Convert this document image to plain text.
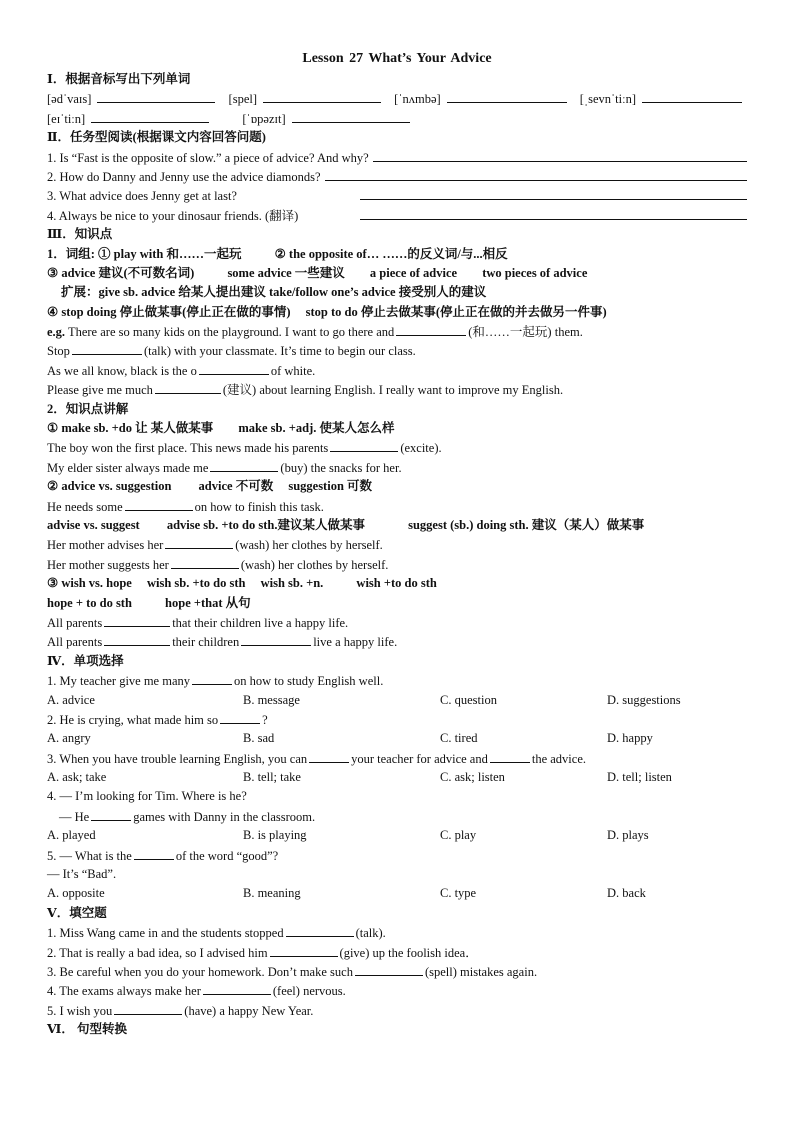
Lesson 27 What’s Your Advice
Ⅰ．根据音标写出下列单词
[ədˈvaɪs]	[spel]	[ˈnʌmbə]	[ˌsevnˈtiːn]
[eɪˈtiːn]	[ˈɒpəzɪt]
Ⅱ．任务型阅读(根据课文内容回答问题)
1. Is “Fast is the opposite of slow.” a piece of advice? And why?
2. How do Danny and Jenny use the advice diamonds?
3. What advice does Jenny get at last?
4. Always be nice to your dinosaur friends. (翻译)
Ⅲ．知识点
1．词组: ① play with 和……一起玩	② the opposite of… ……的反义词/与...相反
③ advice 建议(不可数名词)	some advice 一些建议 a piece of advice two pieces of advice
扩展：give sb. advice 给某人提出建议 take/follow one’s advice 接受别人的建议
④ stop doing 停止做某事(停止正在做的事情) stop to do 停止去做某事(停止正在做的并去做另一件事)
e.g. There are so many kids on the playground. I want to go there and	(和……一起玩) them.
Stop	(talk) with your classmate. It’s time to begin our class.
As we all know, black is the o	of white.
Please give me much	(建议) about learning English. I really want to improve my English.
2．知识点讲解
① make sb. +do 让 某人做某事 make sb. +adj. 使某人怎么样
The boy won the first place. This news made his parents	(excite).
My elder sister always made me	(buy) the snacks for her.
② advice vs. suggestion advice 不可数 suggestion 可数
He needs some	on how to finish this task.
advise vs. suggest advise sb. +to do sth.建议某人做某事	suggest (sb.) doing sth. 建议（某人）做某事
Her mother advises her	(wash) her clothes by herself.
Her mother suggests her	(wash) her clothes by herself.
③ wish vs. hope wish sb. +to do sth wish sb. +n.	wish +to do sth
hope + to do sth	hope +that 从句
All parents	that their children live a happy life.
All parents	their children	live a happy life.
Ⅳ．单项选择
1. My teacher give me many	on how to study English well.
A. advice	B. message	C. question	D. suggestions
2. He is crying, what made him so	?
A. angry	B. sad	C. tired	D. happy
3. When you have trouble learning English, you can	your teacher for advice and	the advice.
A. ask; take	B. tell; take	C. ask; listen	D. tell; listen
4. — I’m looking for Tim. Where is he?
— He	games with Danny in the classroom.
A. played	B. is playing	C. play	D. plays
5. — What is the	of the word “good”?
— It’s “Bad”.
A. opposite	B. meaning	C. type	D. back
Ⅴ．填空题
1. Miss Wang came in and the students stopped	(talk).
2. That is really a bad idea, so I advised him	(give) up the foolish idea．
3. Be careful when you do your homework. Don’t make such	(spell) mistakes again.
4. The exams always make her	(feel) nervous.
5. I wish you	(have) a happy New Year.
Ⅵ． 句型转换
